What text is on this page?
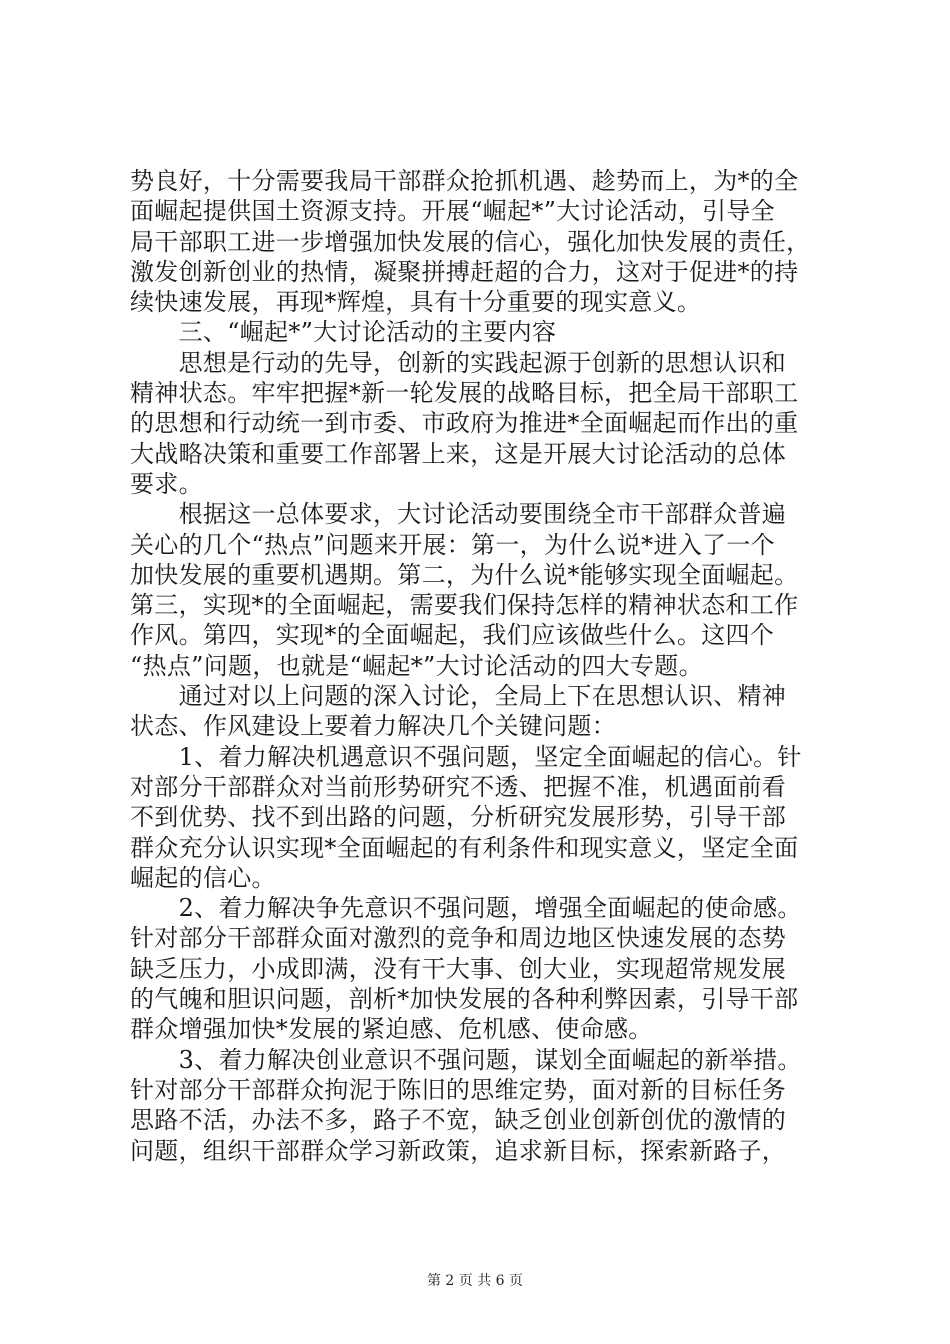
势良好，十分需要我局干部群众抢抓机遇、趁势而上，为*的全

面崛起提供国土资源支持。开展“崛起*”大讨论活动，引导全

局干部职工进一步增强加快发展的信心，强化加快发展的责任，

激发创新创业的热情，凝聚拼搏赶超的合力，这对于促进*的持

续快速发展，再现*辉煌，具有十分重要的现实意义。

　　三、“崛起*”大讨论活动的主要内容

　　思想是行动的先导，创新的实践起源于创新的思想认识和

精神状态。牢牢把握*新一轮发展的战略目标，把全局干部职工

的思想和行动统一到市委、市政府为推进*全面崛起而作出的重

大战略决策和重要工作部署上来，这是开展大讨论活动的总体

要求。

　　根据这一总体要求，大讨论活动要围绕全市干部群众普遍

关心的几个“热点”问题来开展：第一，为什么说*进入了一个

加快发展的重要机遇期。第二，为什么说*能够实现全面崛起。

第三，实现*的全面崛起，需要我们保持怎样的精神状态和工作

作风。第四，实现*的全面崛起，我们应该做些什么。这四个

“热点”问题，也就是“崛起*”大讨论活动的四大专题。

　　通过对以上问题的深入讨论，全局上下在思想认识、精神

状态、作风建设上要着力解决几个关键问题：

　　1、着力解决机遇意识不强问题，坚定全面崛起的信心。针

对部分干部群众对当前形势研究不透、把握不准，机遇面前看

不到优势、找不到出路的问题，分析研究发展形势，引导干部

群众充分认识实现*全面崛起的有利条件和现实意义，坚定全面

崛起的信心。

　　2、着力解决争先意识不强问题，增强全面崛起的使命感。

针对部分干部群众面对激烈的竞争和周边地区快速发展的态势

缺乏压力，小成即满，没有干大事、创大业，实现超常规发展

的气魄和胆识问题，剖析*加快发展的各种利弊因素，引导干部

群众增强加快*发展的紧迫感、危机感、使命感。

　　3、着力解决创业意识不强问题，谋划全面崛起的新举措。

针对部分干部群众拘泥于陈旧的思维定势，面对新的目标任务

思路不活，办法不多，路子不宽，缺乏创业创新创优的激情的

问题，组织干部群众学习新政策，追求新目标，探索新路子，

第 2 页 共 6 页
